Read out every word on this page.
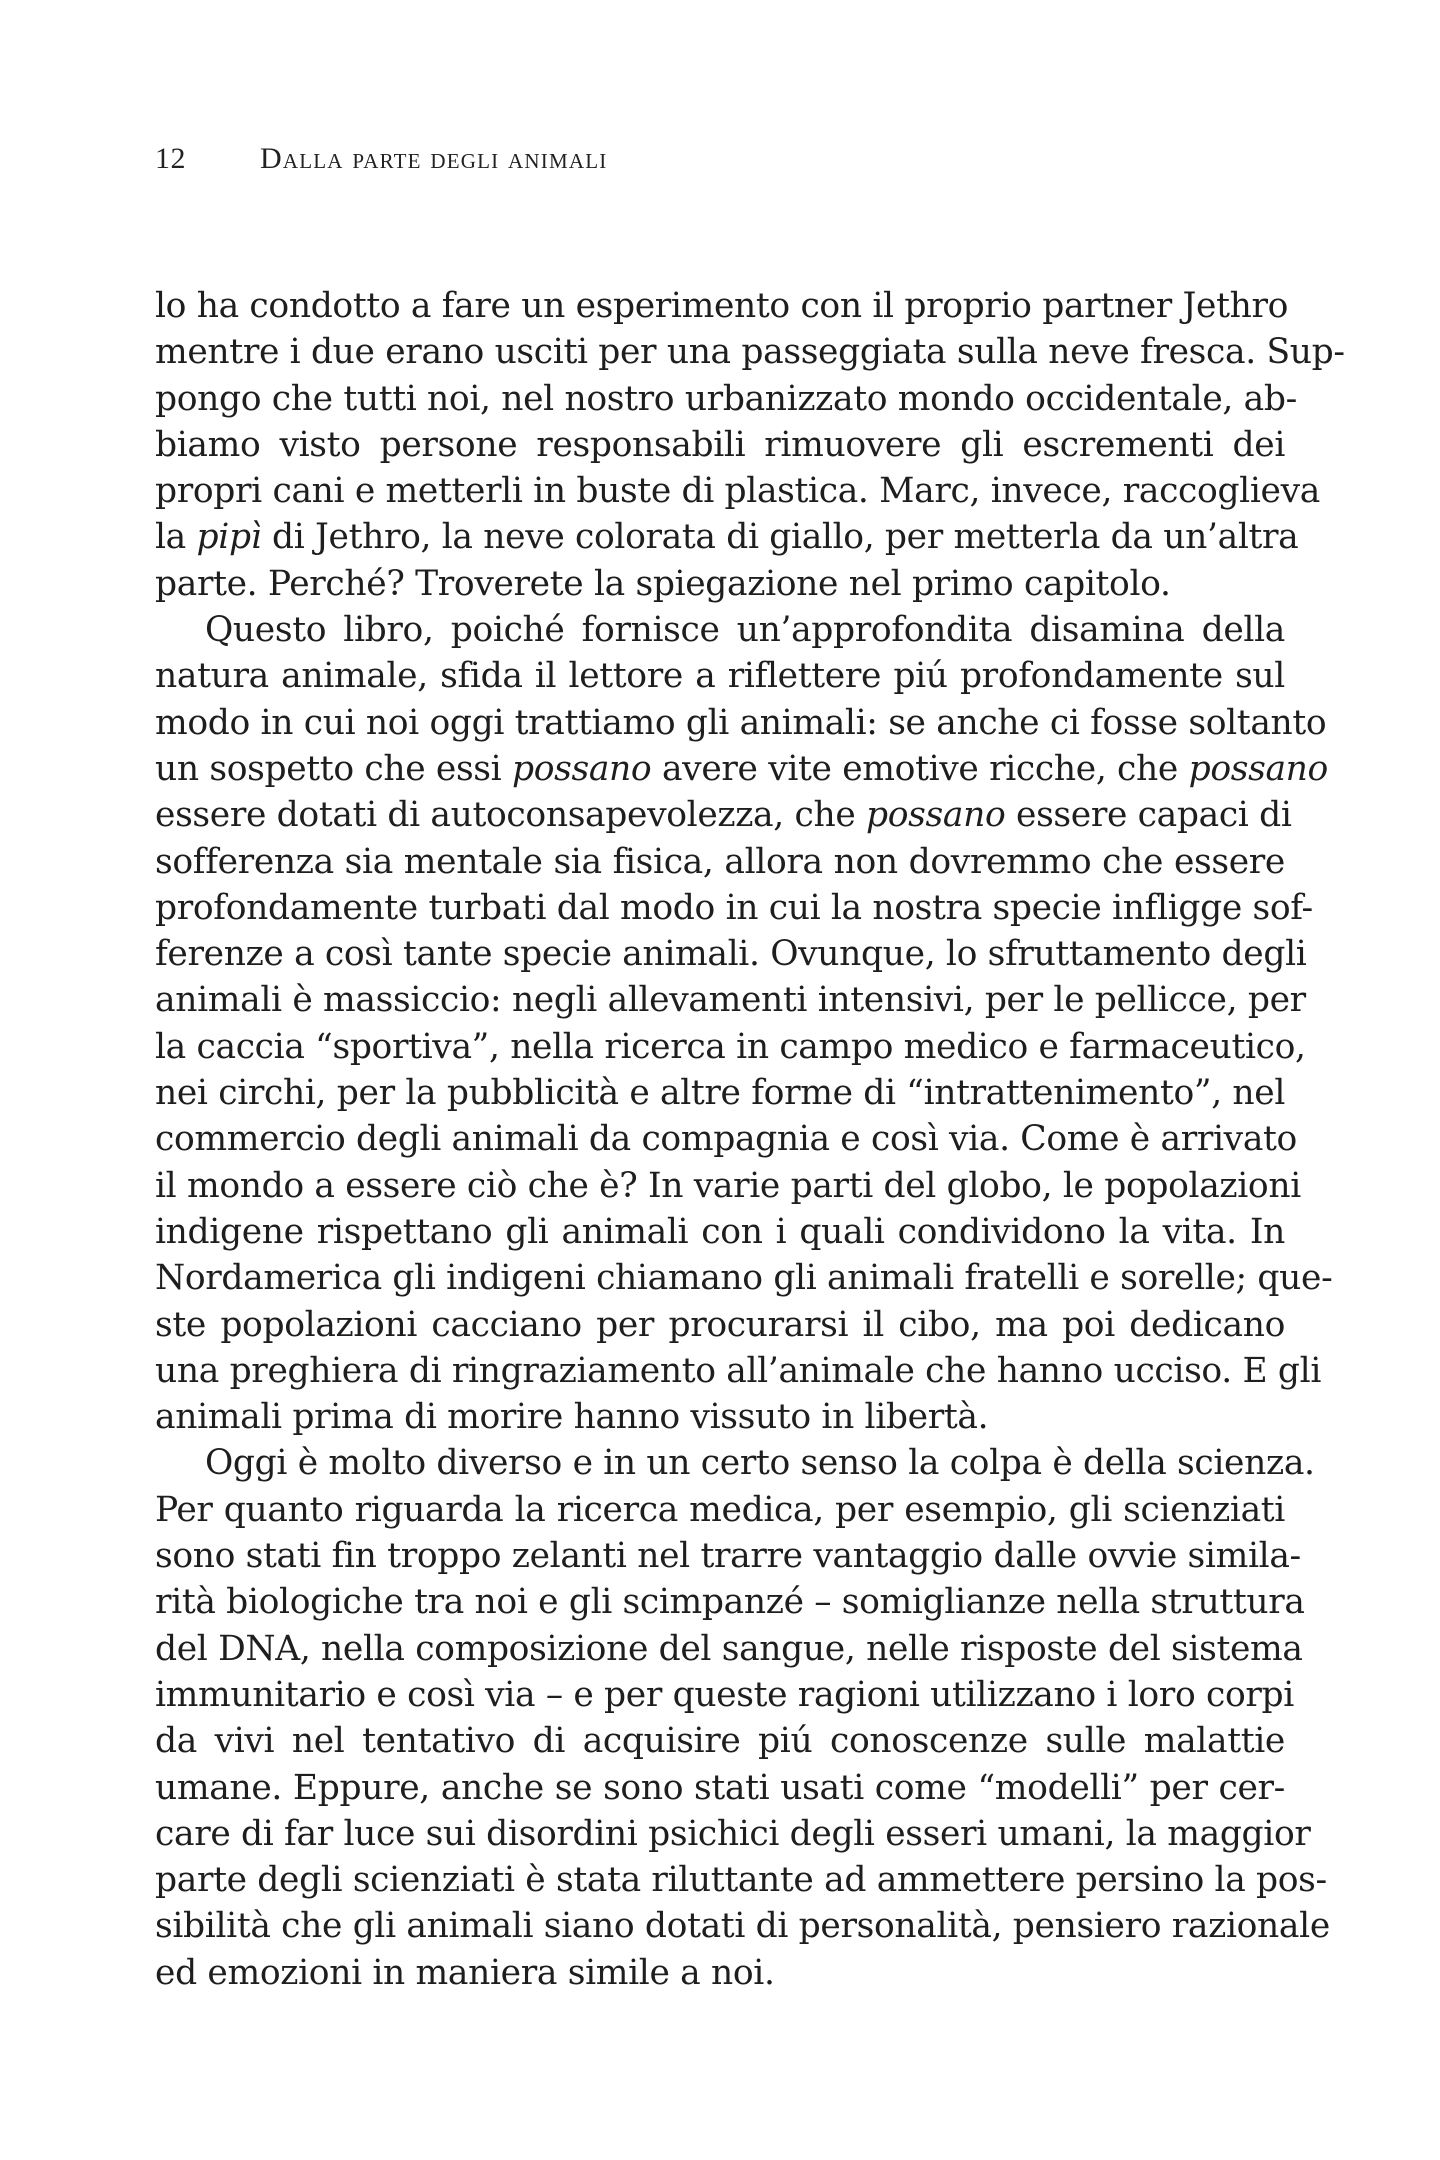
12 Dalla parte degli animali
lo ha condotto a fare un esperimento con il proprio partner Jethro
mentre i due erano usciti per una passeggiata sulla neve fresca. Sup-
pongo che tutti noi, nel nostro urbanizzato mondo occidentale, ab-
biamo visto persone responsabili rimuovere gli escrementi dei
propri cani e metterli in buste di plastica. Marc, invece, raccoglieva
la pipì di Jethro, la neve colorata di giallo, per metterla da un’altra
parte. Perché? Troverete la spiegazione nel primo capitolo.
Questo libro, poiché fornisce un’approfondita disamina della
natura animale, sfida il lettore a riflettere piú profondamente sul
modo in cui noi oggi trattiamo gli animali: se anche ci fosse soltanto
un sospetto che essi possano avere vite emotive ricche, che possano
essere dotati di autoconsapevolezza, che possano essere capaci di
sofferenza sia mentale sia fisica, allora non dovremmo che essere
profondamente turbati dal modo in cui la nostra specie infligge sof-
ferenze a così tante specie animali. Ovunque, lo sfruttamento degli
animali è massiccio: negli allevamenti intensivi, per le pellicce, per
la caccia “sportiva”, nella ricerca in campo medico e farmaceutico,
nei circhi, per la pubblicità e altre forme di “intrattenimento”, nel
commercio degli animali da compagnia e così via. Come è arrivato
il mondo a essere ciò che è? In varie parti del globo, le popolazioni
indigene rispettano gli animali con i quali condividono la vita. In
Nordamerica gli indigeni chiamano gli animali fratelli e sorelle; que-
ste popolazioni cacciano per procurarsi il cibo, ma poi dedicano
una preghiera di ringraziamento all’animale che hanno ucciso. E gli
animali prima di morire hanno vissuto in libertà.
Oggi è molto diverso e in un certo senso la colpa è della scienza.
Per quanto riguarda la ricerca medica, per esempio, gli scienziati
sono stati fin troppo zelanti nel trarre vantaggio dalle ovvie simila-
rità biologiche tra noi e gli scimpanzé – somiglianze nella struttura
del DNA, nella composizione del sangue, nelle risposte del sistema
immunitario e così via – e per queste ragioni utilizzano i loro corpi
da vivi nel tentativo di acquisire piú conoscenze sulle malattie
umane. Eppure, anche se sono stati usati come “modelli” per cer-
care di far luce sui disordini psichici degli esseri umani, la maggior
parte degli scienziati è stata riluttante ad ammettere persino la pos-
sibilità che gli animali siano dotati di personalità, pensiero razionale
ed emozioni in maniera simile a noi.
